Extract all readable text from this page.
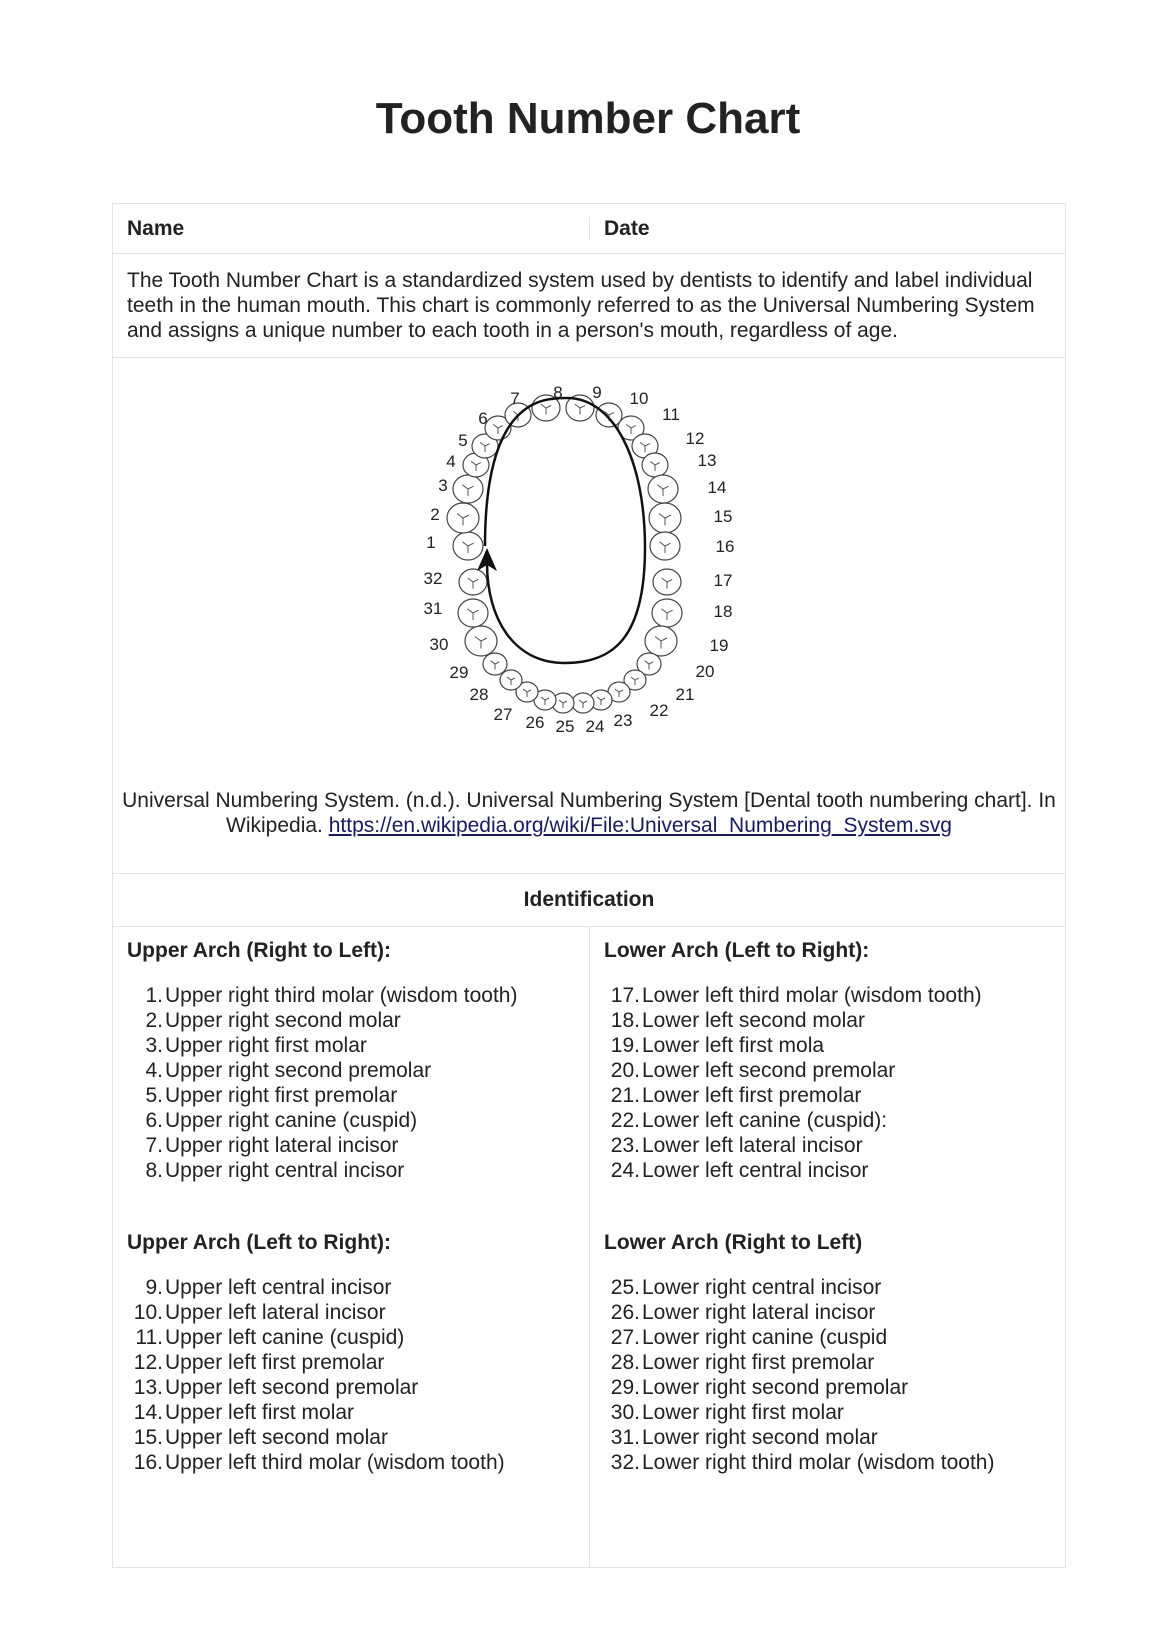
Tooth Number Chart
Name	Date
The Tooth Number Chart is a standardized system used by dentists to identify and label individual teeth in the human mouth. This chart is commonly referred to as the Universal Numbering System and assigns a unique number to each tooth in a person's mouth, regardless of age.
1
2
3
4
5
6
7 8 9 10
11
12
13
14
15
16
17
18
19
20
21
22
23
24
25
26
27
28
29
30
31
32
Universal Numbering System. (n.d.). Universal Numbering System [Dental tooth numbering chart]. In Wikipedia. https://en.wikipedia.org/wiki/File:Universal_Numbering_System.svg
Identification
Upper Arch (Right to Left):
1. Upper right third molar (wisdom tooth)
2. Upper right second molar
3. Upper right first molar
4. Upper right second premolar
5. Upper right first premolar
6. Upper right canine (cuspid)
7. Upper right lateral incisor
8. Upper right central incisor
Upper Arch (Left to Right):
9. Upper left central incisor
10. Upper left lateral incisor
11. Upper left canine (cuspid)
12. Upper left first premolar
13. Upper left second premolar
14. Upper left first molar
15. Upper left second molar
16. Upper left third molar (wisdom tooth)
Lower Arch (Left to Right):
17. Lower left third molar (wisdom tooth)
18. Lower left second molar
19. Lower left first mola
20. Lower left second premolar
21. Lower left first premolar
22. Lower left canine (cuspid):
23. Lower left lateral incisor
24. Lower left central incisor
Lower Arch (Right to Left)
25. Lower right central incisor
26. Lower right lateral incisor
27. Lower right canine (cuspid
28. Lower right first premolar
29. Lower right second premolar
30. Lower right first molar
31. Lower right second molar
32. Lower right third molar (wisdom tooth)
